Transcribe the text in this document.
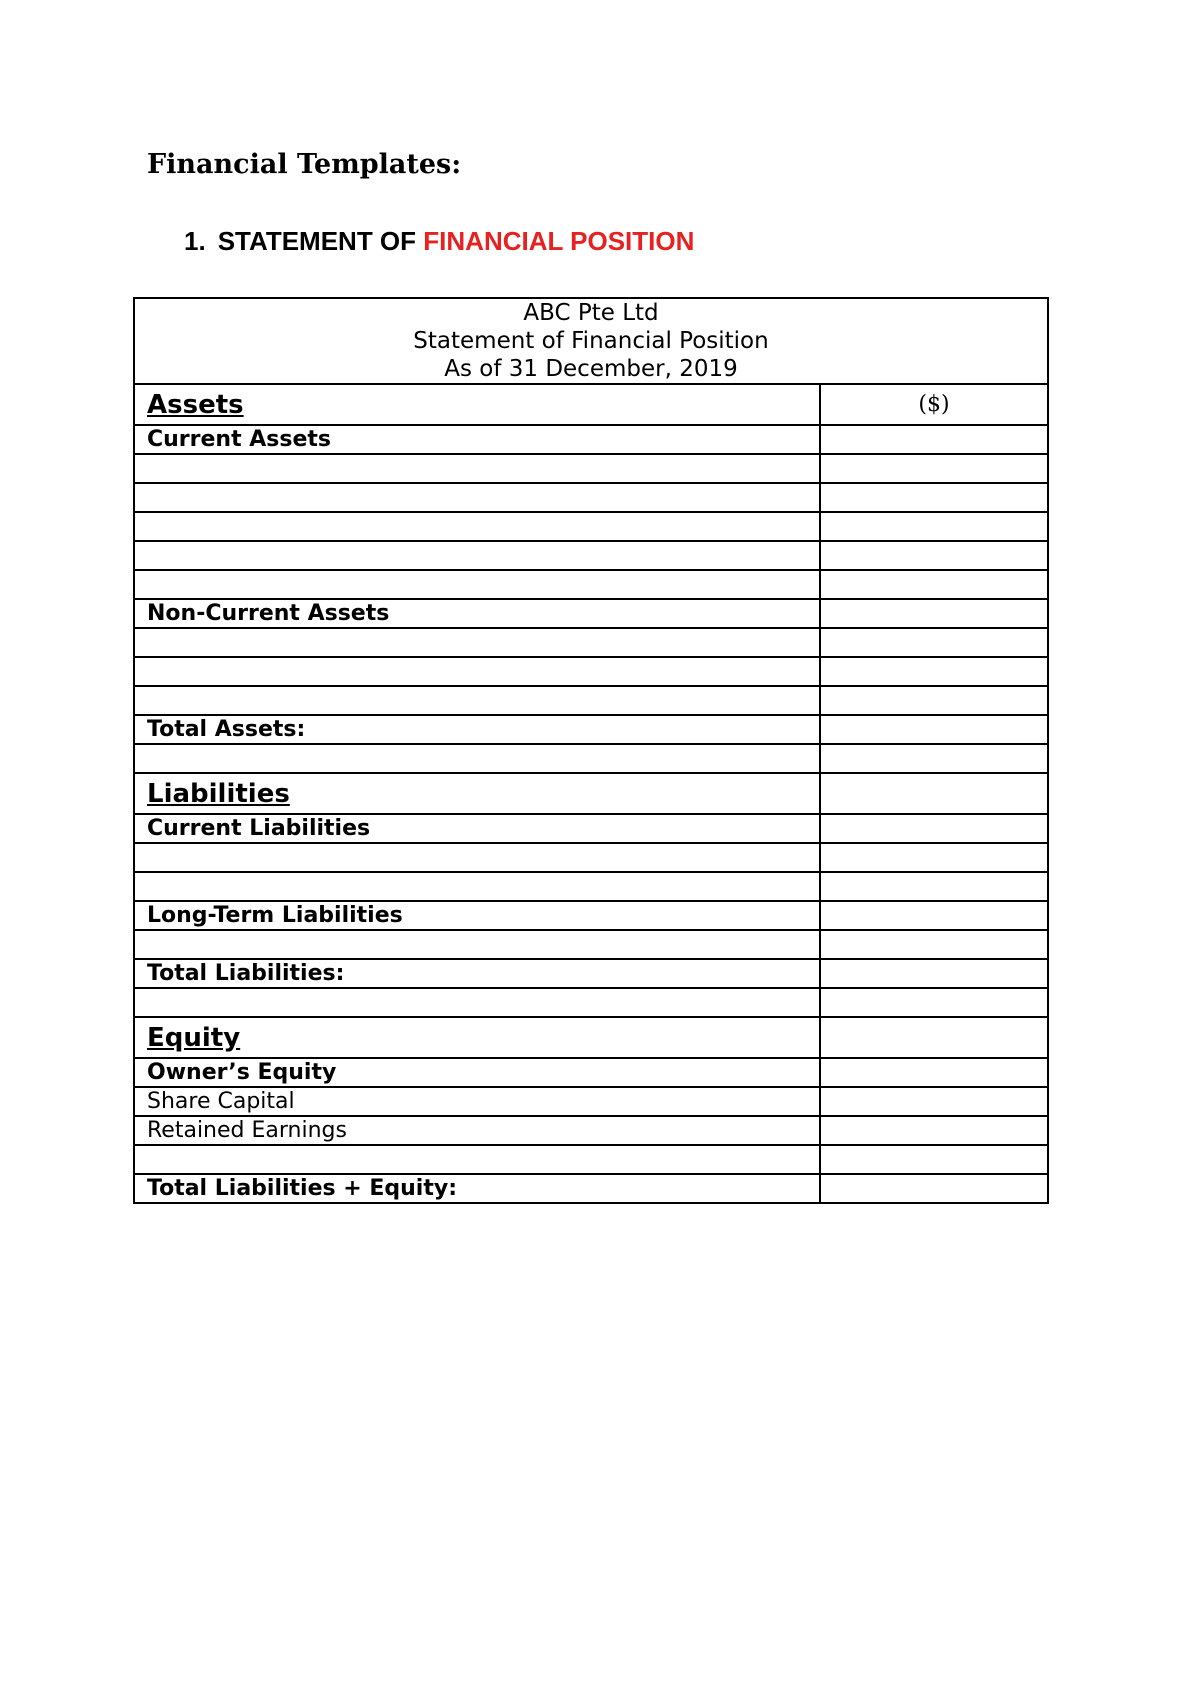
Financial Templates:
1. STATEMENT OF FINANCIAL POSITION
ABC Pte Ltd
Statement of Financial Position
As of 31 December, 2019	

Assets	($)
Current Assets	

Non-Current Assets	

Total Assets:	

Liabilities	
Current Liabilities	

Long-Term Liabilities	

Total Liabilities:	

Equity	
Owner’s Equity	
Share Capital	
Retained Earnings	

Total Liabilities + Equity:	
